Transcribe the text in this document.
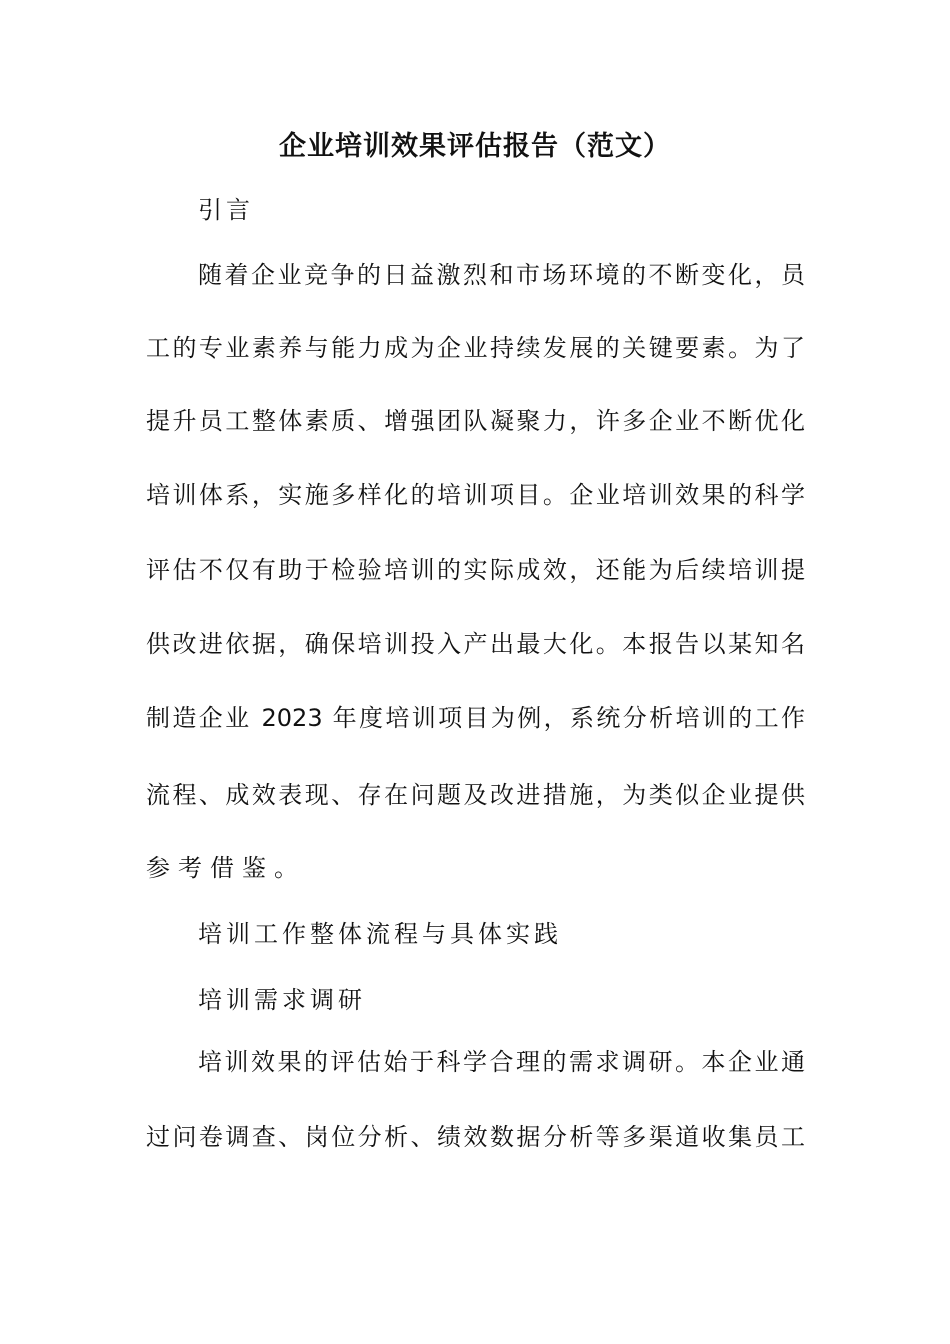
企业培训效果评估报告（范文）
引言
随着企业竞争的日益激烈和市场环境的不断变化，员
工的专业素养与能力成为企业持续发展的关键要素。为了
提升员工整体素质、增强团队凝聚力，许多企业不断优化
培训体系，实施多样化的培训项目。企业培训效果的科学
评估不仅有助于检验培训的实际成效，还能为后续培训提
供改进依据，确保培训投入产出最大化。本报告以某知名
制造企业 2023 年度培训项目为例，系统分析培训的工作
流程、成效表现、存在问题及改进措施，为类似企业提供
参考借鉴。
培训工作整体流程与具体实践
培训需求调研
培训效果的评估始于科学合理的需求调研。本企业通
过问卷调查、岗位分析、绩效数据分析等多渠道收集员工
